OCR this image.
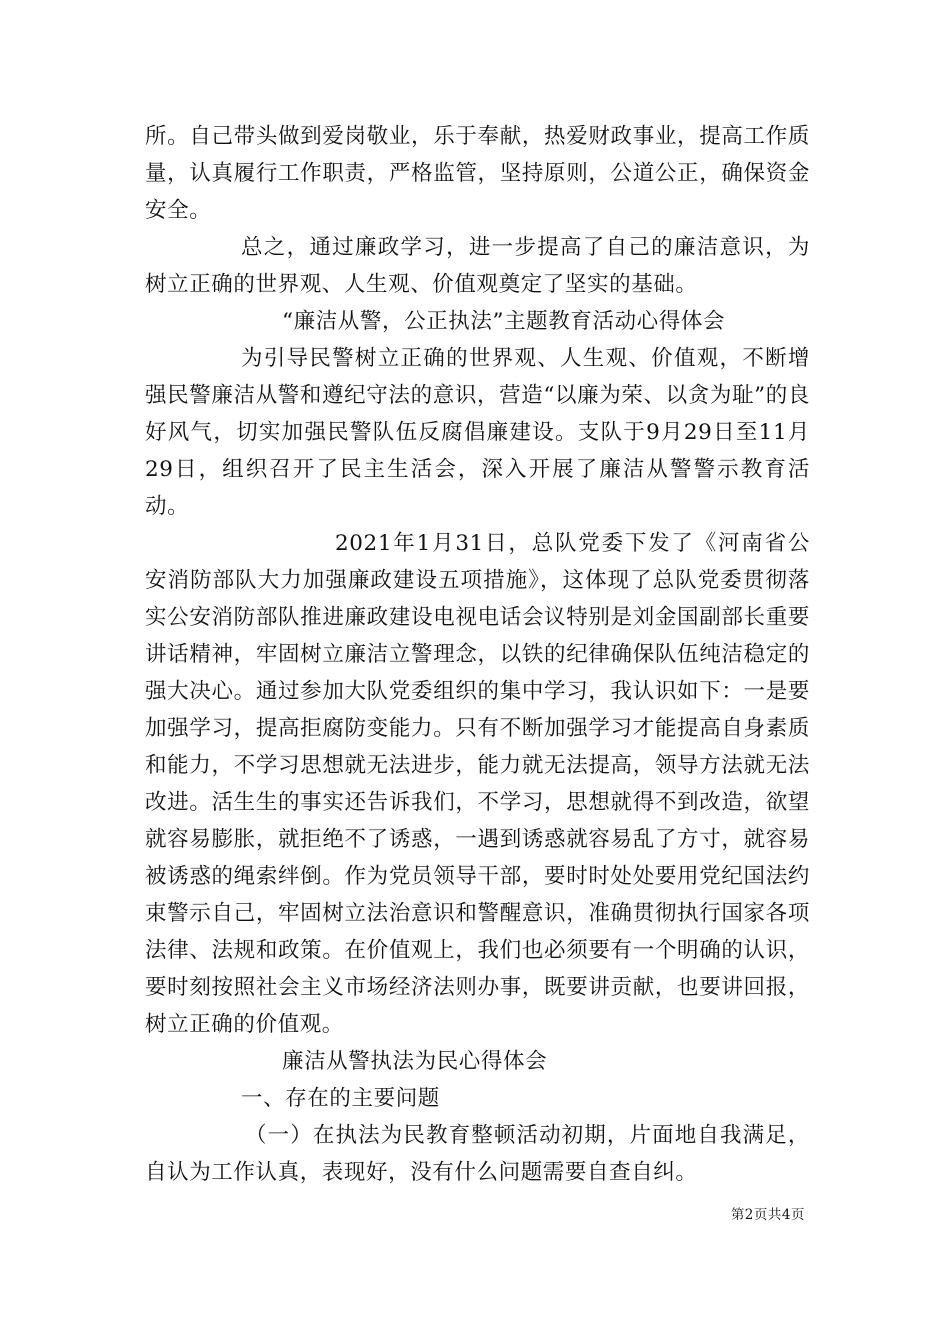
所。自己带头做到爱岗敬业，乐于奉献，热爱财政事业，提高工作质量，认真履行工作职责，严格监管，坚持原则，公道公正，确保资金安全。

总之，通过廉政学习，进一步提高了自己的廉洁意识，为树立正确的世界观、人生观、价值观奠定了坚实的基础。

“廉洁从警，公正执法”主题教育活动心得体会

为引导民警树立正确的世界观、人生观、价值观，不断增强民警廉洁从警和遵纪守法的意识，营造“以廉为荣、以贪为耻”的良好风气，切实加强民警队伍反腐倡廉建设。支队于9月29日至11月29日，组织召开了民主生活会，深入开展了廉洁从警警示教育活动。

2021年1月31日，总队党委下发了《河南省公安消防部队大力加强廉政建设五项措施》，这体现了总队党委贯彻落实公安消防部队推进廉政建设电视电话会议特别是刘金国副部长重要讲话精神，牢固树立廉洁立警理念，以铁的纪律确保队伍纯洁稳定的强大决心。通过参加大队党委组织的集中学习，我认识如下：一是要加强学习，提高拒腐防变能力。只有不断加强学习才能提高自身素质和能力，不学习思想就无法进步，能力就无法提高，领导方法就无法改进。活生生的事实还告诉我们，不学习，思想就得不到改造，欲望就容易膨胀，就拒绝不了诱惑，一遇到诱惑就容易乱了方寸，就容易被诱惑的绳索绊倒。作为党员领导干部，要时时处处要用党纪国法约束警示自己，牢固树立法治意识和警醒意识，准确贯彻执行国家各项法律、法规和政策。在价值观上，我们也必须要有一个明确的认识，要时刻按照社会主义市场经济法则办事，既要讲贡献，也要讲回报，树立正确的价值观。

廉洁从警执法为民心得体会

一、存在的主要问题

（一）在执法为民教育整顿活动初期，片面地自我满足，自认为工作认真，表现好，没有什么问题需要自查自纠。

第2页共4页
